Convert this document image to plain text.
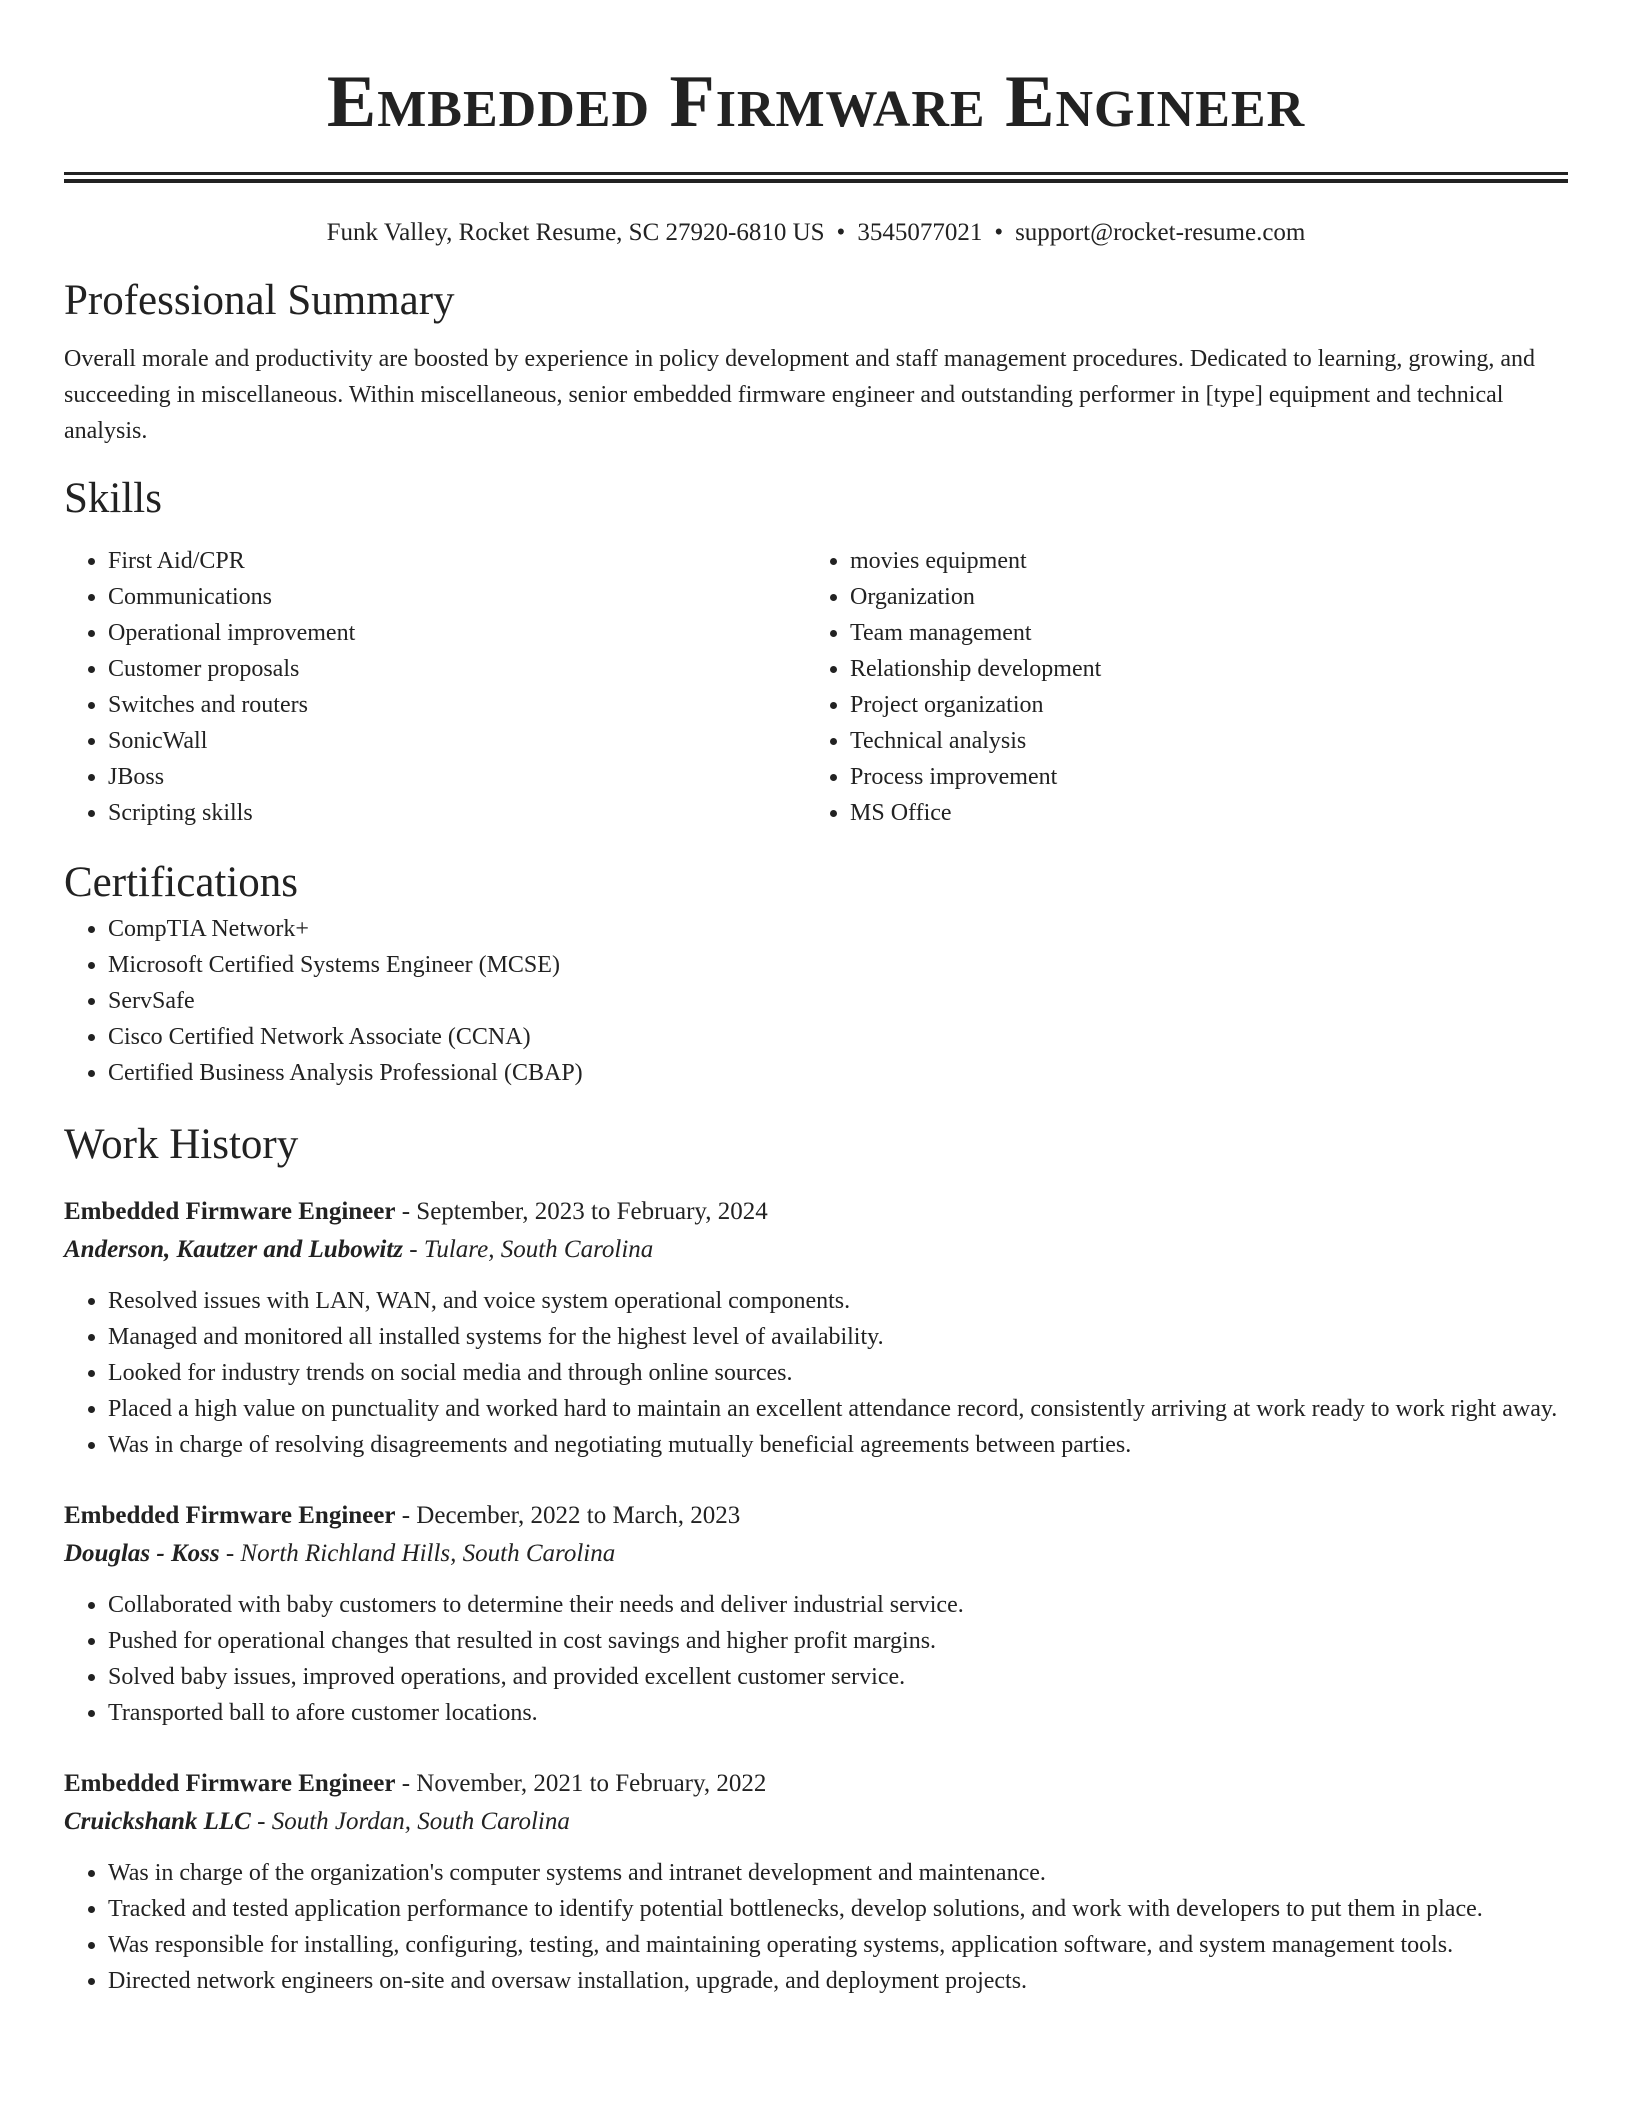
Embedded Firmware Engineer
Funk Valley, Rocket Resume, SC 27920-6810 US • 3545077021 • support@rocket-resume.com
Professional Summary

Overall morale and productivity are boosted by experience in policy development and staff management procedures. Dedicated to learning, growing, and succeeding in miscellaneous. Within miscellaneous, senior embedded firmware engineer and outstanding performer in [type] equipment and technical analysis.

Skills
• First Aid/CPR
• Communications
• Operational improvement
• Customer proposals
• Switches and routers
• SonicWall
• JBoss
• Scripting skills
• movies equipment
• Organization
• Team management
• Relationship development
• Project organization
• Technical analysis
• Process improvement
• MS Office
Certifications
• CompTIA Network+
• Microsoft Certified Systems Engineer (MCSE)
• ServSafe
• Cisco Certified Network Associate (CCNA)
• Certified Business Analysis Professional (CBAP)
Work History
Embedded Firmware Engineer - September, 2023 to February, 2024
Anderson, Kautzer and Lubowitz - Tulare, South Carolina
• Resolved issues with LAN, WAN, and voice system operational components.
• Managed and monitored all installed systems for the highest level of availability.
• Looked for industry trends on social media and through online sources.
• Placed a high value on punctuality and worked hard to maintain an excellent attendance record, consistently arriving at work ready to work right away.
• Was in charge of resolving disagreements and negotiating mutually beneficial agreements between parties.
Embedded Firmware Engineer - December, 2022 to March, 2023
Douglas - Koss - North Richland Hills, South Carolina
• Collaborated with baby customers to determine their needs and deliver industrial service.
• Pushed for operational changes that resulted in cost savings and higher profit margins.
• Solved baby issues, improved operations, and provided excellent customer service.
• Transported ball to afore customer locations.
Embedded Firmware Engineer - November, 2021 to February, 2022
Cruickshank LLC - South Jordan, South Carolina
• Was in charge of the organization's computer systems and intranet development and maintenance.
• Tracked and tested application performance to identify potential bottlenecks, develop solutions, and work with developers to put them in place.
• Was responsible for installing, configuring, testing, and maintaining operating systems, application software, and system management tools.
• Directed network engineers on-site and oversaw installation, upgrade, and deployment projects.
